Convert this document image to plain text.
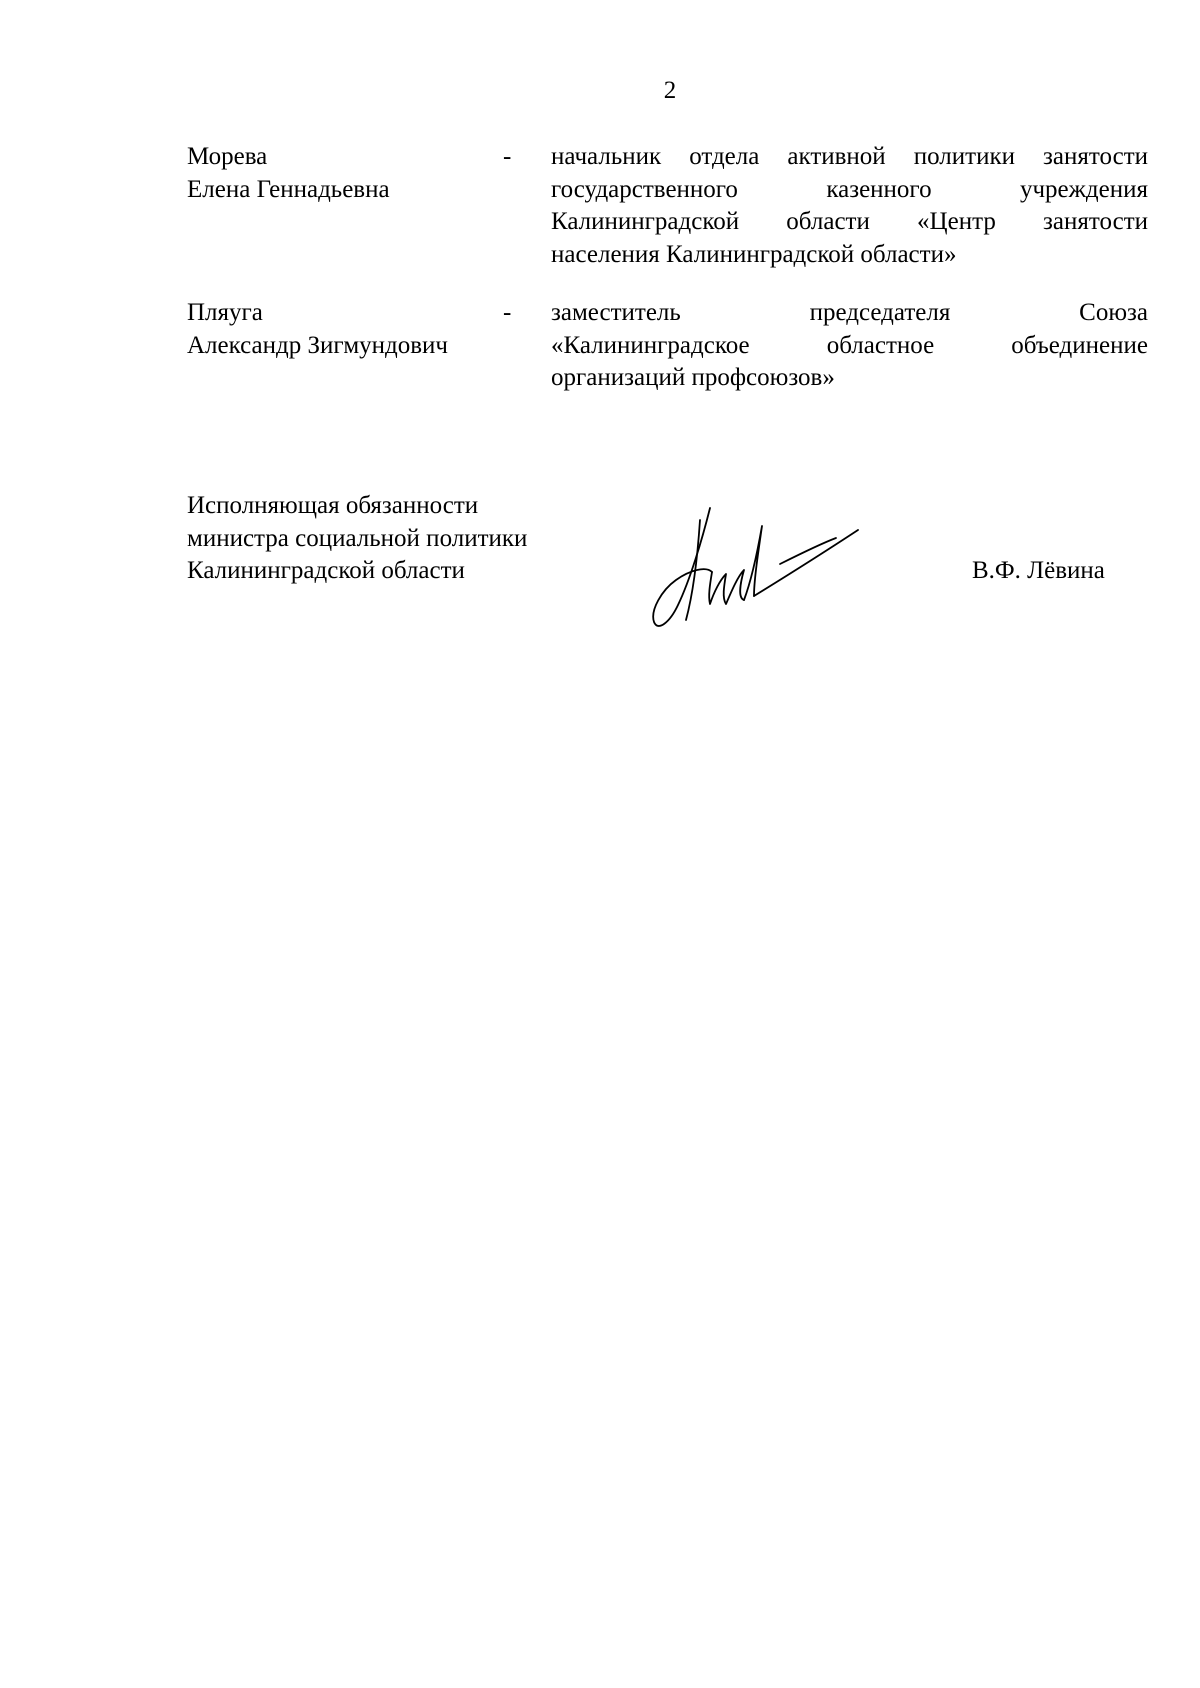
2
Морева
Елена Геннадьевна
- начальник отдела активной политики занятости
государственного казенного учреждения
Калининградской области «Центр занятости
населения Калининградской области»
Пляуга
Александр Зигмундович
- заместитель председателя Союза
«Калининградское областное объединение
организаций профсоюзов»
Исполняющая обязанности
министра социальной политики
Калининградской области	В.Ф. Лёвина
